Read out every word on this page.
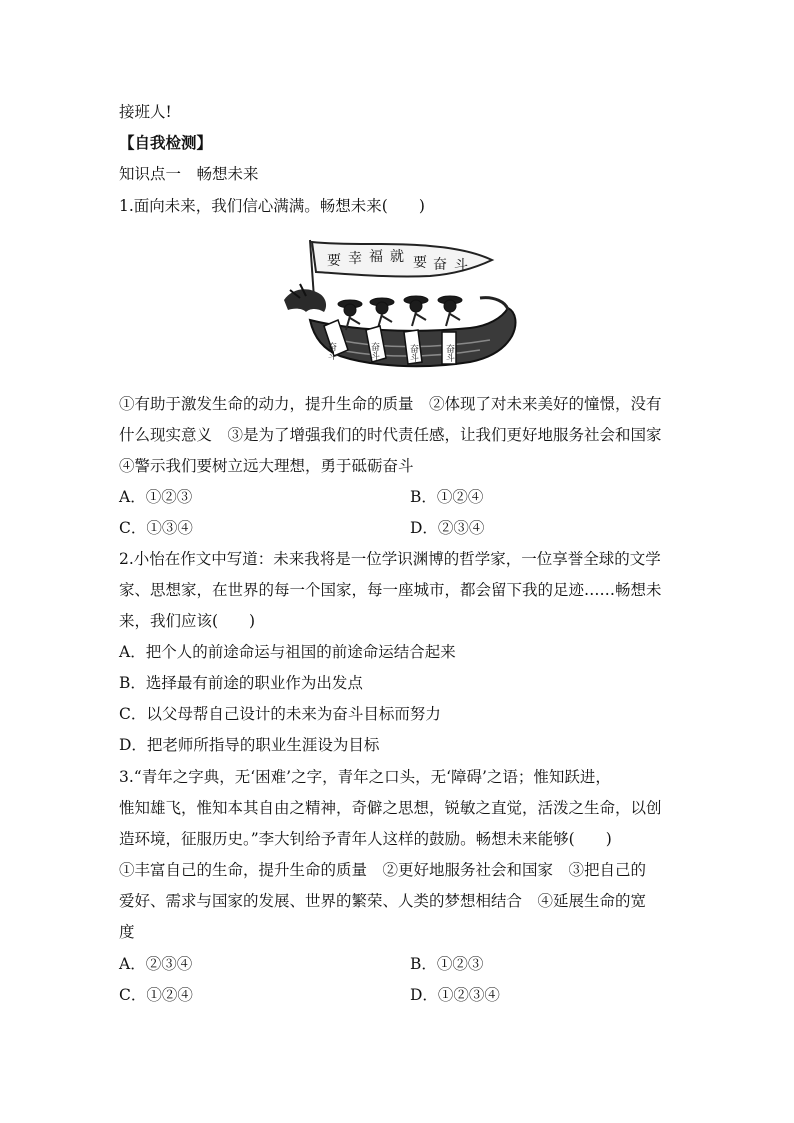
接班人!
【自我检测】
知识点一　畅想未来
1.面向未来，我们信心满满。畅想未来(　　)
要 幸 福 就 要 奋 斗
奋斗	奋斗	奋斗	奋斗
①有助于激发生命的动力，提升生命的质量　②体现了对未来美好的憧憬，没有
什么现实意义　③是为了增强我们的时代责任感，让我们更好地服务社会和国家
④警示我们要树立远大理想，勇于砥砺奋斗
A．①②③	B．①②④
C．①③④	D．②③④
2.小怡在作文中写道：未来我将是一位学识渊博的哲学家，一位享誉全球的文学
家、思想家，在世界的每一个国家，每一座城市，都会留下我的足迹……畅想未
来，我们应该(　　)
A．把个人的前途命运与祖国的前途命运结合起来
B．选择最有前途的职业作为出发点
C．以父母帮自己设计的未来为奋斗目标而努力
D．把老师所指导的职业生涯设为目标
3.“青年之字典，无‘困难’之字，青年之口头，无‘障碍’之语；惟知跃进，
惟知雄飞，惟知本其自由之精神，奇僻之思想，锐敏之直觉，活泼之生命，以创
造环境，征服历史。”李大钊给予青年人这样的鼓励。畅想未来能够(　　)
①丰富自己的生命，提升生命的质量　②更好地服务社会和国家　③把自己的
爱好、需求与国家的发展、世界的繁荣、人类的梦想相结合　④延展生命的宽
度
A．②③④	B．①②③
C．①②④	D．①②③④
